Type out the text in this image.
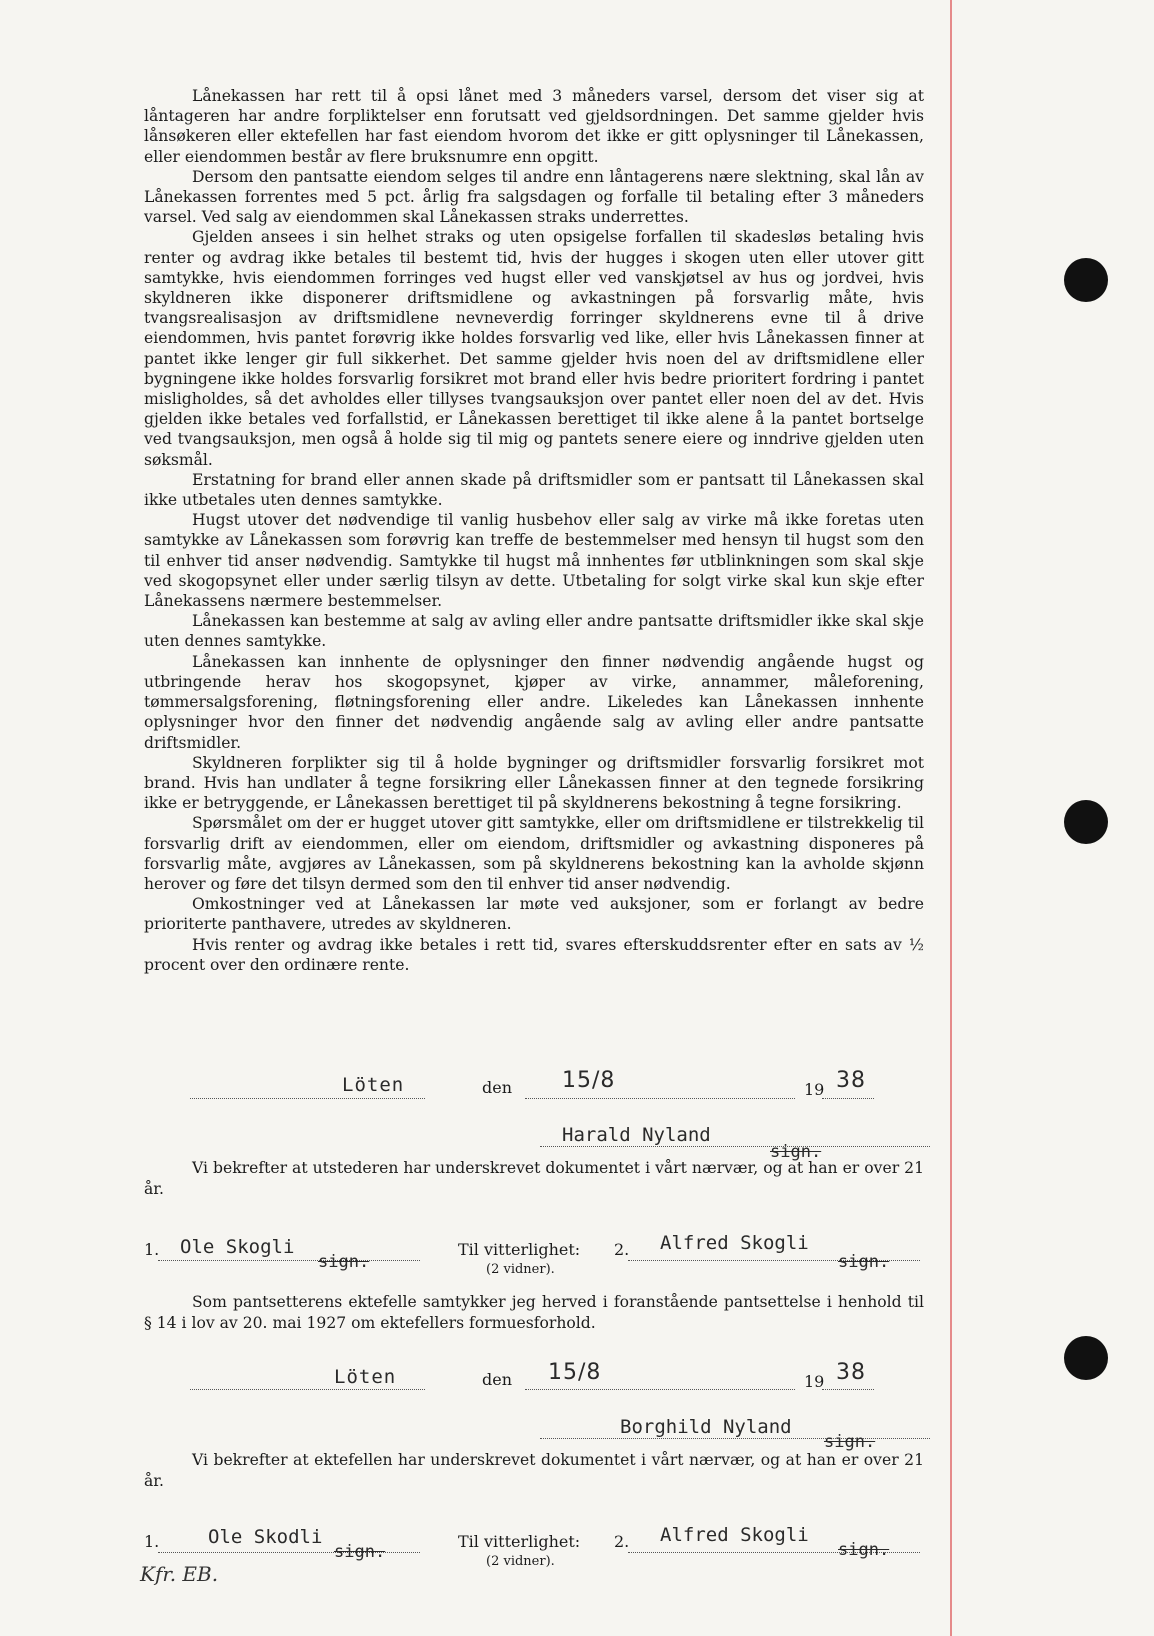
Lånekassen har rett til å opsi lånet med 3 måneders varsel, dersom det viser sig at låntageren har andre forpliktelser enn forutsatt ved gjeldsordningen. Det samme gjelder hvis lånsøkeren eller ektefellen har fast eiendom hvorom det ikke er gitt oplysninger til Lånekassen, eller eiendommen består av flere bruksnumre enn opgitt.

Dersom den pantsatte eiendom selges til andre enn låntagerens nære slektning, skal lån av Lånekassen forrentes med 5 pct. årlig fra salgsdagen og forfalle til betaling efter 3 måneders varsel. Ved salg av eiendommen skal Lånekassen straks underrettes.

Gjelden ansees i sin helhet straks og uten opsigelse forfallen til skadesløs betaling hvis renter og avdrag ikke betales til bestemt tid, hvis der hugges i skogen uten eller utover gitt samtykke, hvis eiendommen forringes ved hugst eller ved vanskjøtsel av hus og jordvei, hvis skyldneren ikke disponerer driftsmidlene og avkastningen på forsvarlig måte, hvis tvangsrealisasjon av driftsmidlene nevneverdig forringer skyldnerens evne til å drive eiendommen, hvis pantet forøvrig ikke holdes forsvarlig ved like, eller hvis Lånekassen finner at pantet ikke lenger gir full sikkerhet. Det samme gjelder hvis noen del av driftsmidlene eller bygningene ikke holdes forsvarlig forsikret mot brand eller hvis bedre prioritert fordring i pantet misligholdes, så det avholdes eller tillyses tvangsauksjon over pantet eller noen del av det. Hvis gjelden ikke betales ved forfallstid, er Lånekassen berettiget til ikke alene å la pantet bortselge ved tvangsauksjon, men også å holde sig til mig og pantets senere eiere og inndrive gjelden uten søksmål.

Erstatning for brand eller annen skade på driftsmidler som er pantsatt til Lånekassen skal ikke utbetales uten dennes samtykke.

Hugst utover det nødvendige til vanlig husbehov eller salg av virke må ikke foretas uten samtykke av Lånekassen som forøvrig kan treffe de bestemmelser med hensyn til hugst som den til enhver tid anser nødvendig. Samtykke til hugst må innhentes før utblinkningen som skal skje ved skogopsynet eller under særlig tilsyn av dette. Utbetaling for solgt virke skal kun skje efter Lånekassens nærmere bestemmelser.

Lånekassen kan bestemme at salg av avling eller andre pantsatte driftsmidler ikke skal skje uten dennes samtykke.

Lånekassen kan innhente de oplysninger den finner nødvendig angående hugst og utbringende herav hos skogopsynet, kjøper av virke, annammer, måleforening, tømmersalgsforening, fløtningsforening eller andre. Likeledes kan Lånekassen innhente oplysninger hvor den finner det nødvendig angående salg av avling eller andre pantsatte driftsmidler.

Skyldneren forplikter sig til å holde bygninger og driftsmidler forsvarlig forsikret mot brand. Hvis han undlater å tegne forsikring eller Lånekassen finner at den tegnede forsikring ikke er betryggende, er Lånekassen berettiget til på skyldnerens bekostning å tegne forsikring.

Spørsmålet om der er hugget utover gitt samtykke, eller om driftsmidlene er tilstrekkelig til forsvarlig drift av eiendommen, eller om eiendom, driftsmidler og avkastning disponeres på forsvarlig måte, avgjøres av Lånekassen, som på skyldnerens bekostning kan la avholde skjønn herover og føre det tilsyn dermed som den til enhver tid anser nødvendig.

Omkostninger ved at Lånekassen lar møte ved auksjoner, som er forlangt av bedre prioriterte panthavere, utredes av skyldneren.

Hvis renter og avdrag ikke betales i rett tid, svares efterskuddsrenter efter en sats av ½ procent over den ordinære rente.

Löten	den 15/8	19 38
Harald Nyland
sign.

Vi bekrefter at utstederen har underskrevet dokumentet i vårt nærvær, og at han er over 21 år.

1. Ole Skogli
sign.
Til vitterlighet:
(2 vidner).
2. Alfred Skogli
sign.

Som pantsetterens ektefelle samtykker jeg herved i foranstående pantsettelse i henhold til § 14 i lov av 20. mai 1927 om ektefellers formuesforhold.

Löten	den 15/8	19 38
Borghild Nyland
sign.

Vi bekrefter at ektefellen har underskrevet dokumentet i vårt nærvær, og at han er over 21 år.

1.	Ole Skodli
sign.
Til vitterlighet:
(2 vidner).
2. Alfred Skogli
sign.
Kfr. EB.
